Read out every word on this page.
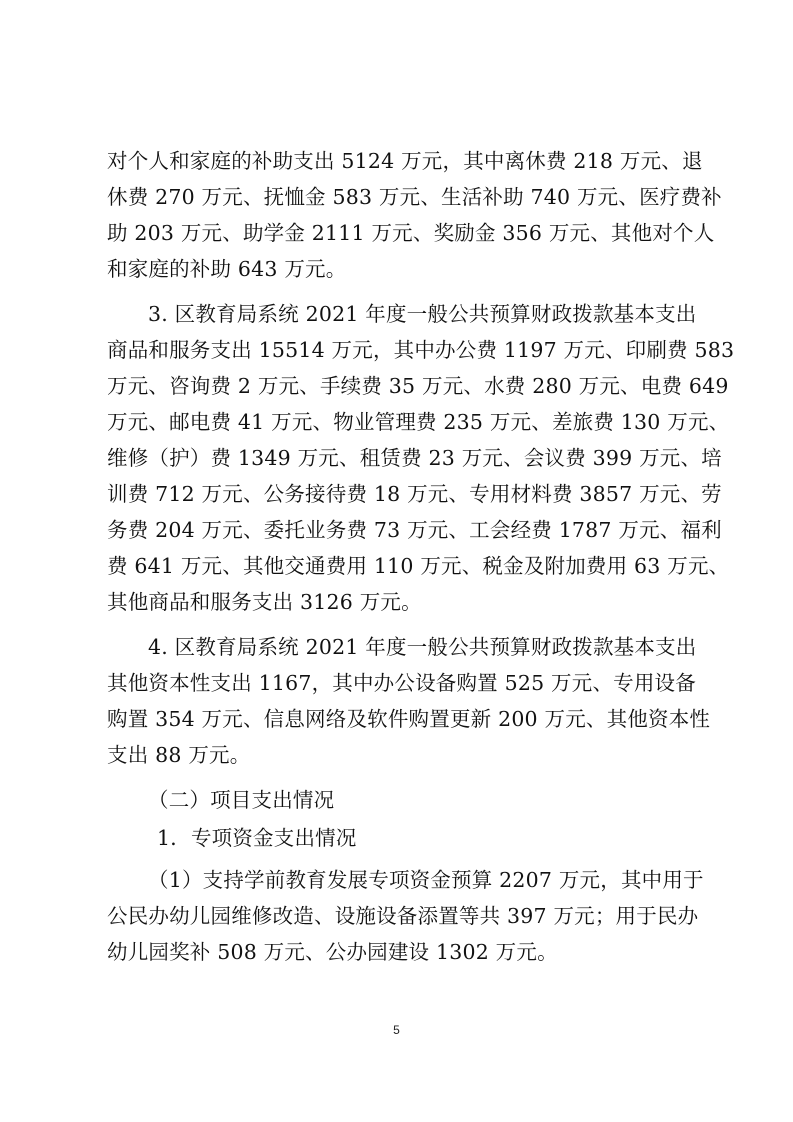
对个人和家庭的补助支出 5124 万元，其中离休费 218 万元、退
休费 270 万元、抚恤金 583 万元、生活补助 740 万元、医疗费补
助 203 万元、助学金 2111 万元、奖励金 356 万元、其他对个人
和家庭的补助 643 万元。
3. 区教育局系统 2021 年度一般公共预算财政拨款基本支出
商品和服务支出 15514 万元，其中办公费 1197 万元、印刷费 583
万元、咨询费 2 万元、手续费 35 万元、水费 280 万元、电费 649
万元、邮电费 41 万元、物业管理费 235 万元、差旅费 130 万元、
维修（护）费 1349 万元、租赁费 23 万元、会议费 399 万元、培
训费 712 万元、公务接待费 18 万元、专用材料费 3857 万元、劳
务费 204 万元、委托业务费 73 万元、工会经费 1787 万元、福利
费 641 万元、其他交通费用 110 万元、税金及附加费用 63 万元、
其他商品和服务支出 3126 万元。
4. 区教育局系统 2021 年度一般公共预算财政拨款基本支出
其他资本性支出 1167，其中办公设备购置 525 万元、专用设备
购置 354 万元、信息网络及软件购置更新 200 万元、其他资本性
支出 88 万元。
（二）项目支出情况
1．专项资金支出情况
（1）支持学前教育发展专项资金预算 2207 万元，其中用于
公民办幼儿园维修改造、设施设备添置等共 397 万元；用于民办
幼儿园奖补 508 万元、公办园建设 1302 万元。
5
